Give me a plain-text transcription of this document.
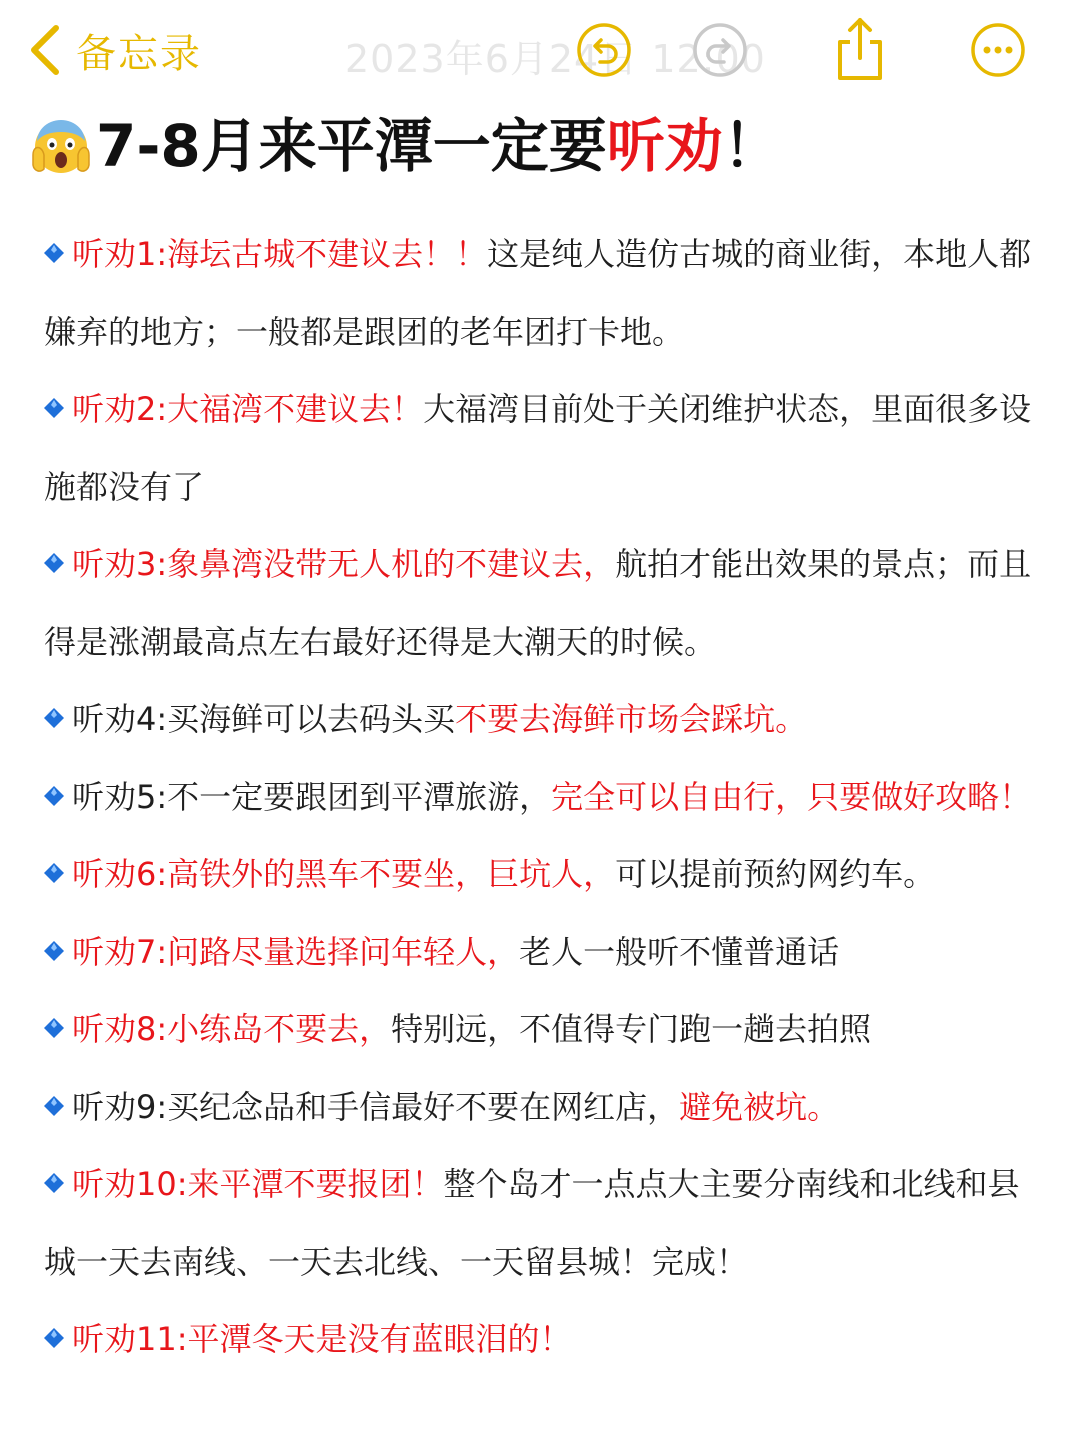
备忘录	2023年6月24日 12:00
7-8月来平潭一定要 听劝 ！

听劝1:海坛古城不建议去！！这是纯人造仿古城的商业街，本地人都嫌弃的地方；一般都是跟团的老年团打卡地。

听劝2:大福湾不建议去！大福湾目前处于关闭维护状态，里面很多设施都没有了

听劝3:象鼻湾没带无人机的不建议去，航拍才能出效果的景点；而且得是涨潮最高点左右最好还得是大潮天的时候。

听劝4:买海鲜可以去码头买不要去海鲜市场会踩坑。

听劝5:不一定要跟团到平潭旅游，完全可以自由行，只要做好攻略！

听劝6:高铁外的黑车不要坐，巨坑人，可以提前预約网约车。

听劝7:问路尽量选择问年轻人，老人一般听不懂普通话

听劝8:小练岛不要去，特别远，不值得专门跑一趟去拍照

听劝9:买纪念品和手信最好不要在网红店，避免被坑。

听劝10:来平潭不要报团！整个岛才一点点大主要分南线和北线和县城一天去南线、一天去北线、一天留县城！完成！

听劝11:平潭冬天是没有蓝眼泪的！
